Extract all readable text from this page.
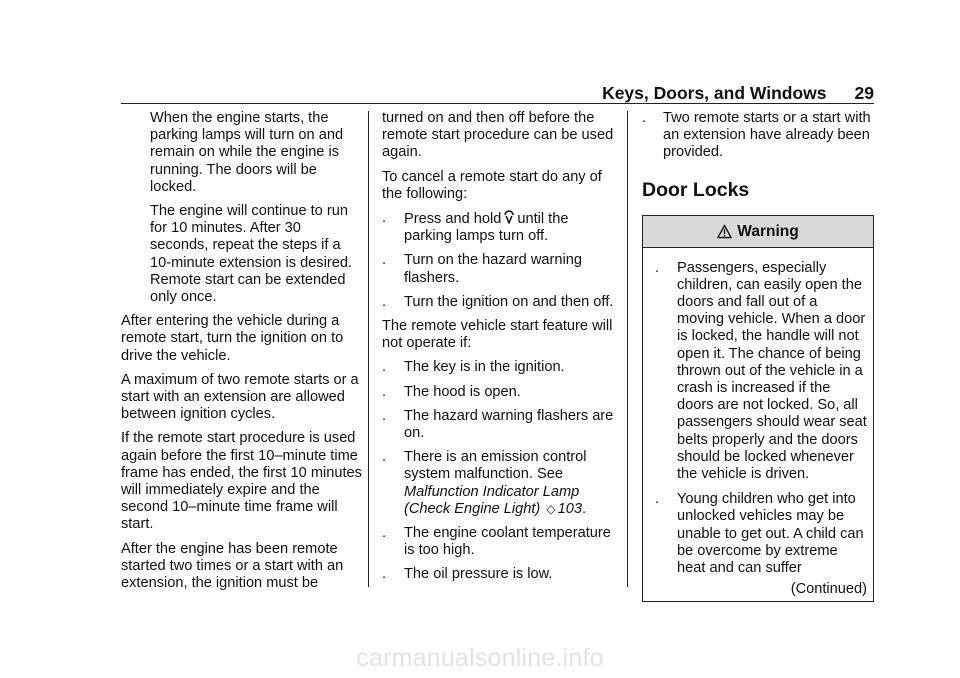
Keys, Doors, and Windows 29

When the engine starts, the parking lamps will turn on and remain on while the engine is running. The doors will be locked.

The engine will continue to run for 10 minutes. After 30 seconds, repeat the steps if a 10-minute extension is desired. Remote start can be extended only once.

After entering the vehicle during a remote start, turn the ignition on to drive the vehicle.

A maximum of two remote starts or a start with an extension are allowed between ignition cycles.

If the remote start procedure is used again before the first 10–minute time frame has ended, the first 10 minutes will immediately expire and the second 10–minute time frame will start.

After the engine has been remote started two times or a start with an extension, the ignition must be

turned on and then off before the remote start procedure can be used again.

To cancel a remote start do any of the following:

.	Press and hold until the parking lamps turn off.
.	Turn on the hazard warning flashers.
.	Turn the ignition on and then off.

The remote vehicle start feature will not operate if:

.	The key is in the ignition.
.	The hood is open.
.	The hazard warning flashers are on.
.	There is an emission control system malfunction. See Malfunction Indicator Lamp (Check Engine Light) ◇ 103.
.	The engine coolant temperature is too high.
.	The oil pressure is low.
.	Two remote starts or a start with an extension have already been provided.
Door Locks
Warning
.	Passengers, especially children, can easily open the doors and fall out of a moving vehicle. When a door is locked, the handle will not open it. The chance of being thrown out of the vehicle in a crash is increased if the doors are not locked. So, all passengers should wear seat belts properly and the doors should be locked whenever the vehicle is driven.
.	Young children who get into unlocked vehicles may be unable to get out. A child can be overcome by extreme heat and can suffer

(Continued)

carmanualsonline.info
